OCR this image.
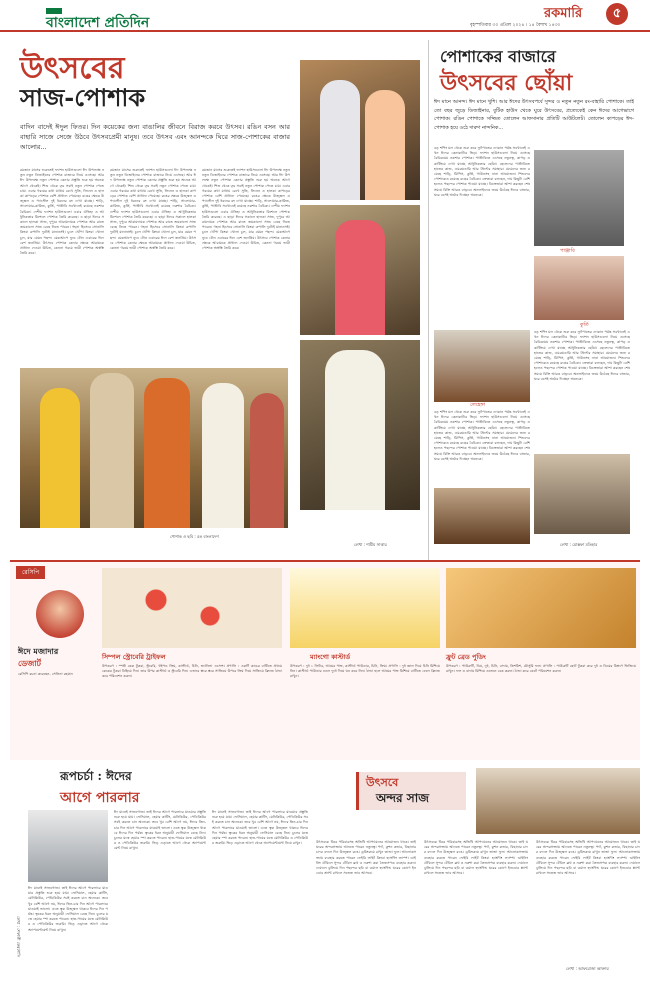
বাংলাদেশ প্রতিদিন
রকমারি	৫
বৃহস্পতিবার ৩০ এপ্রিল ২০২৪ । ১৪ বৈশাখ ১৪৩০
উৎসবের
সাজ-পোশাক
বাদিন বাদেই ঈদুল ফিতর। দিন কয়েকের জন্য বাঙালির জীবনে বিরাজ করবে উৎসব। রঙিন বসন আর বাহারি সাজে সেজে উঠবে উৎসবপ্রেমী মানুষ। তবে উৎসব এবং আনন্দকে ঘিরে সাজ-পোশাকের বাজার আলোর...
রমজান মাসের শুরুতেই ফ্যাশন হাউসগুলো ঈদ উপলক্ষে নতুন নতুন ডিজাইনের পোশাক বাজারে নিয়ে এসেছে। আর ঈদ উপলক্ষে নতুন পোশাক কেনার প্রস্তুতি শুরু হয় অনেক আগে থেকেই। শিশু থেকে বৃদ্ধ সবাই নতুন পোশাক পেতে চায়। এবার গরমের কথা মাথায় রেখে সুতি, লিনেন ও হালকা কাপড়ের পোশাক বেশি প্রাধান্য পেয়েছে। রঙের ক্ষেত্রে উজ্জ্বল ও প্যাস্টেল দুই ধরনের রং দেখা যাচ্ছে। শাড়ি, সালোয়ার-কামিজ, কুর্তি, পাঞ্জাবি সবখানেই রয়েছে নকশার বৈচিত্র্য। দেশীয় ফ্যাশন হাউসগুলো এবার ঐতিহ্য ও আধুনিকতার মিশেলে পোশাক তৈরি করেছে। এ ছাড়া ঈদের সকালে হালকা সাজ, দুপুরে আরামদায়ক পোশাক আর রাতে জমকালো সাজ বেছে নিতে পারেন। গহনা হিসেবে সোনালি কিংবা রুপালি দুটোই মানানসই। চুলে খোঁপা কিংবা খোলা চুল, যার যেমন পছন্দ। মেকআপে ন্যুড টোন এবারের ঈদে বেশ জনপ্রিয়। উৎসবে পোশাক কেনার ক্ষেত্রে আরামকে প্রাধান্য দেওয়া উচিত, কেননা গরমে ভারী পোশাক অস্বস্তি তৈরি করে।
রমজান মাসের শুরুতেই ফ্যাশন হাউসগুলো ঈদ উপলক্ষে নতুন নতুন ডিজাইনের পোশাক বাজারে নিয়ে এসেছে। আর ঈদ উপলক্ষে নতুন পোশাক কেনার প্রস্তুতি শুরু হয় অনেক আগে থেকেই। শিশু থেকে বৃদ্ধ সবাই নতুন পোশাক পেতে চায়। এবার গরমের কথা মাথায় রেখে সুতি, লিনেন ও হালকা কাপড়ের পোশাক বেশি প্রাধান্য পেয়েছে। রঙের ক্ষেত্রে উজ্জ্বল ও প্যাস্টেল দুই ধরনের রং দেখা যাচ্ছে। শাড়ি, সালোয়ার-কামিজ, কুর্তি, পাঞ্জাবি সবখানেই রয়েছে নকশার বৈচিত্র্য। দেশীয় ফ্যাশন হাউসগুলো এবার ঐতিহ্য ও আধুনিকতার মিশেলে পোশাক তৈরি করেছে। এ ছাড়া ঈদের সকালে হালকা সাজ, দুপুরে আরামদায়ক পোশাক আর রাতে জমকালো সাজ বেছে নিতে পারেন। গহনা হিসেবে সোনালি কিংবা রুপালি দুটোই মানানসই। চুলে খোঁপা কিংবা খোলা চুল, যার যেমন পছন্দ। মেকআপে ন্যুড টোন এবারের ঈদে বেশ জনপ্রিয়। উৎসবে পোশাক কেনার ক্ষেত্রে আরামকে প্রাধান্য দেওয়া উচিত, কেননা গরমে ভারী পোশাক অস্বস্তি তৈরি করে।
রমজান মাসের শুরুতেই ফ্যাশন হাউসগুলো ঈদ উপলক্ষে নতুন নতুন ডিজাইনের পোশাক বাজারে নিয়ে এসেছে। আর ঈদ উপলক্ষে নতুন পোশাক কেনার প্রস্তুতি শুরু হয় অনেক আগে থেকেই। শিশু থেকে বৃদ্ধ সবাই নতুন পোশাক পেতে চায়। এবার গরমের কথা মাথায় রেখে সুতি, লিনেন ও হালকা কাপড়ের পোশাক বেশি প্রাধান্য পেয়েছে। রঙের ক্ষেত্রে উজ্জ্বল ও প্যাস্টেল দুই ধরনের রং দেখা যাচ্ছে। শাড়ি, সালোয়ার-কামিজ, কুর্তি, পাঞ্জাবি সবখানেই রয়েছে নকশার বৈচিত্র্য। দেশীয় ফ্যাশন হাউসগুলো এবার ঐতিহ্য ও আধুনিকতার মিশেলে পোশাক তৈরি করেছে। এ ছাড়া ঈদের সকালে হালকা সাজ, দুপুরে আরামদায়ক পোশাক আর রাতে জমকালো সাজ বেছে নিতে পারেন। গহনা হিসেবে সোনালি কিংবা রুপালি দুটোই মানানসই। চুলে খোঁপা কিংবা খোলা চুল, যার যেমন পছন্দ। মেকআপে ন্যুড টোন এবারের ঈদে বেশ জনপ্রিয়। উৎসবে পোশাক কেনার ক্ষেত্রে আরামকে প্রাধান্য দেওয়া উচিত, কেননা গরমে ভারী পোশাক অস্বস্তি তৈরি করে।
পোশাক ও ছবি : রঙ বাংলাদেশ
লেখা : শামীম সাত্তার
পোশাকের বাজারে
উৎসবের ছোঁয়া
ঈদ মানে আনন্দ। ঈদ মানে খুশি। আর ঈদের উৎসবপর্বে সুন্দর ও নতুন নতুন রং-বাহারি পোশাকে। তাই তো বছর জুড়ে ডিজাইনার, বুটিক হাউস থেকে ঘুরে উৎসবের, প্রত্যেকেই কেন ঈদের আগেভাগে পোশাক। রঙিন পোশাকে সজ্জিত তোলেন আফসানার প্রতিটি আউটলেট। তোলেন কাপড়ের ঈদ-পোশাক হয়ে ওঠে দারুণ নান্দনিক...
বড় শপিং মল থেকে শুরু করে ফুটপাতের দোকান পর্যন্ত সবখানেই এখন ঈদের কেনাকাটার ভিড়। ফ্যাশন হাউসগুলো নিয়ে এসেছে বৈচিত্র্যময় নকশার পোশাক। পাঞ্জাবিতে এসেছে নতুনত্ব, কাপড় ও কাটিংয়ে দেখা যাচ্ছে আধুনিকতার ছোঁয়া। ছেলেদের পাঞ্জাবিতে হাতের কাজ, এমব্রয়ডারি আর প্রিন্টের সমাহার। মেয়েদের জন্য রয়েছে শাড়ি, থ্রিপিস, কুর্তি, গাউনসহ নানা আয়োজন। শিশুদের পোশাকেও রয়েছে রঙের বৈচিত্র্য। ক্রেতারা বলছেন, দাম কিছুটা বেশি হলেও পছন্দের পোশাক পাওয়া যাচ্ছে। বিক্রেতারা আশা করছেন শেষ সময়ে বিক্রি আরও বাড়বে। অনলাইনেও জমে উঠেছে ঈদের বাজার, ঘরে বসেই অর্ডার দিচ্ছেন অনেকে।
পাঞ্জাবি
কুর্তি
বড় শপিং মল থেকে শুরু করে ফুটপাতের দোকান পর্যন্ত সবখানেই এখন ঈদের কেনাকাটার ভিড়। ফ্যাশন হাউসগুলো নিয়ে এসেছে বৈচিত্র্যময় নকশার পোশাক। পাঞ্জাবিতে এসেছে নতুনত্ব, কাপড় ও কাটিংয়ে দেখা যাচ্ছে আধুনিকতার ছোঁয়া। ছেলেদের পাঞ্জাবিতে হাতের কাজ, এমব্রয়ডারি আর প্রিন্টের সমাহার। মেয়েদের জন্য রয়েছে শাড়ি, থ্রিপিস, কুর্তি, গাউনসহ নানা আয়োজন। শিশুদের পোশাকেও রয়েছে রঙের বৈচিত্র্য। ক্রেতারা বলছেন, দাম কিছুটা বেশি হলেও পছন্দের পোশাক পাওয়া যাচ্ছে। বিক্রেতারা আশা করছেন শেষ সময়ে বিক্রি আরও বাড়বে। অনলাইনেও জমে উঠেছে ঈদের বাজার, ঘরে বসেই অর্ডার দিচ্ছেন অনেকে।
লেহেঙ্গা
বড় শপিং মল থেকে শুরু করে ফুটপাতের দোকান পর্যন্ত সবখানেই এখন ঈদের কেনাকাটার ভিড়। ফ্যাশন হাউসগুলো নিয়ে এসেছে বৈচিত্র্যময় নকশার পোশাক। পাঞ্জাবিতে এসেছে নতুনত্ব, কাপড় ও কাটিংয়ে দেখা যাচ্ছে আধুনিকতার ছোঁয়া। ছেলেদের পাঞ্জাবিতে হাতের কাজ, এমব্রয়ডারি আর প্রিন্টের সমাহার। মেয়েদের জন্য রয়েছে শাড়ি, থ্রিপিস, কুর্তি, গাউনসহ নানা আয়োজন। শিশুদের পোশাকেও রয়েছে রঙের বৈচিত্র্য। ক্রেতারা বলছেন, দাম কিছুটা বেশি হলেও পছন্দের পোশাক পাওয়া যাচ্ছে। বিক্রেতারা আশা করছেন শেষ সময়ে বিক্রি আরও বাড়বে। অনলাইনেও জমে উঠেছে ঈদের বাজার, ঘরে বসেই অর্ডার দিচ্ছেন অনেকে।
লেখা : মোস্তফা মতিহার
রেসিপি
ঈদে মজাদার
ডেজার্ট
রেসিপি রচনা করেছেন- সেলিনা রহমান
সিম্পল স্ট্রোবেরি ট্রাইফল
উপকরণ : স্পঞ্জ কেক টুকরা, স্ট্রবেরি, হুইপড ক্রিম, কাস্টার্ড, চিনি, ভ্যানিলা এসেন্স। প্রণালি : একটি কাচের বাটিতে প্রথমে কেকের টুকরা বিছিয়ে দিন। তার উপর কাস্টার্ড ও স্ট্রবেরি দিন। এভাবে স্তরে স্তরে সাজিয়ে উপরে ক্রিম দিয়ে সাজিয়ে ফ্রিজে ঠান্ডা করে পরিবেশন করুন।
ম্যাংগো কাস্টার্ড
উপকরণ : দুধ ১ লিটার, আমের পাল্প, কাস্টার্ড পাউডার, চিনি, ক্রিম। প্রণালি : দুধ জ্বাল দিয়ে চিনি মিশিয়ে নিন। কাস্টার্ড পাউডার গুলে দুধে দিয়ে ঘন করে নিন। ঠান্ডা হলে আমের পাল্প মিশিয়ে বাটিতে ঢেলে ফ্রিজে রাখুন।
ফ্রুট ব্রেড পুডিং
উপকরণ : পাউরুটি, ডিম, দুধ, চিনি, বাদাম, কিশমিশ, মৌসুমি ফল। প্রণালি : পাউরুটি ছোট টুকরা করে দুধ ও ডিমের মিশ্রণে ভিজিয়ে রাখুন। ফল ও বাদাম মিশিয়ে ওভেনে বেক করুন। ঠান্ডা করে কেটে পরিবেশন করুন।
রূপচর্চা : ঈদের
আগে পারলার
ঈদ মানেই সাজগোজ। তাই ঈদের আগে পারলারে যাওয়ার প্রস্তুতি শুরু হয়ে যায়। ফেসিয়াল, হেয়ার কাটিং, মেনিকিউর, পেডিকিউর সবই করতে চান অনেকে। তবে খুব বেশি আগে নয়, ঈদের তিন-চার দিন আগে পারলারে যাওয়াই ভালো। এতে ত্বক উজ্জ্বল থাকবে ঈদের দিন পর্যন্ত। ত্বকের ধরন অনুযায়ী ফেসিয়াল বেছে নিন। চুলের যত্নে হেয়ার স্পা করতে পারেন। হাত-পায়ের যত্নে মেনিকিউর ও পেডিকিউর জরুরি। ভিড় এড়াতে আগে থেকে অ্যাপয়েন্টমেন্ট নিয়ে রাখুন।
ঈদ মানেই সাজগোজ। তাই ঈদের আগে পারলারে যাওয়ার প্রস্তুতি শুরু হয়ে যায়। ফেসিয়াল, হেয়ার কাটিং, মেনিকিউর, পেডিকিউর সবই করতে চান অনেকে। তবে খুব বেশি আগে নয়, ঈদের তিন-চার দিন আগে পারলারে যাওয়াই ভালো। এতে ত্বক উজ্জ্বল থাকবে ঈদের দিন পর্যন্ত। ত্বকের ধরন অনুযায়ী ফেসিয়াল বেছে নিন। চুলের যত্নে হেয়ার স্পা করতে পারেন। হাত-পায়ের যত্নে মেনিকিউর ও পেডিকিউর জরুরি। ভিড় এড়াতে আগে থেকে অ্যাপয়েন্টমেন্ট নিয়ে রাখুন।
ঈদ মানেই সাজগোজ। তাই ঈদের আগে পারলারে যাওয়ার প্রস্তুতি শুরু হয়ে যায়। ফেসিয়াল, হেয়ার কাটিং, মেনিকিউর, পেডিকিউর সবই করতে চান অনেকে। তবে খুব বেশি আগে নয়, ঈদের তিন-চার দিন আগে পারলারে যাওয়াই ভালো। এতে ত্বক উজ্জ্বল থাকবে ঈদের দিন পর্যন্ত। ত্বকের ধরন অনুযায়ী ফেসিয়াল বেছে নিন। চুলের যত্নে হেয়ার স্পা করতে পারেন। হাত-পায়ের যত্নে মেনিকিউর ও পেডিকিউর জরুরি। ভিড় এড়াতে আগে থেকে অ্যাপয়েন্টমেন্ট নিয়ে রাখুন।
লেখা : শেফালী ফেরদৌসি
উৎসবে
অন্দর সাজ
উৎসবকে ঘিরে পরিবারসহ অতিথি আপ্যায়নের আয়োজন থাকে। তাই ঘরের অন্দরসজ্জায় আনতে পারেন নতুনত্ব। পর্দা, কুশন কভার, বিছানার চাদর বদলে দিন উজ্জ্বল রঙে। ড্রয়িংরুমে রাখুন তাজা ফুল। আলোকসজ্জায় ব্যবহার করতে পারেন ফেইরি লাইট কিংবা হ্যাংগিং ল্যাম্প। ডাইনিং টেবিলে সুন্দর টেবিল ক্লথ ও নকশা করা তৈজসপত্র ব্যবহার করুন। দেয়ালে ঝুলিয়ে দিন পছন্দের ছবি বা ওয়াল হ্যাংগিং। ঘরের কোণে ইনডোর প্ল্যান্ট রাখলে সতেজ ভাব আসবে।
উৎসবকে ঘিরে পরিবারসহ অতিথি আপ্যায়নের আয়োজন থাকে। তাই ঘরের অন্দরসজ্জায় আনতে পারেন নতুনত্ব। পর্দা, কুশন কভার, বিছানার চাদর বদলে দিন উজ্জ্বল রঙে। ড্রয়িংরুমে রাখুন তাজা ফুল। আলোকসজ্জায় ব্যবহার করতে পারেন ফেইরি লাইট কিংবা হ্যাংগিং ল্যাম্প। ডাইনিং টেবিলে সুন্দর টেবিল ক্লথ ও নকশা করা তৈজসপত্র ব্যবহার করুন। দেয়ালে ঝুলিয়ে দিন পছন্দের ছবি বা ওয়াল হ্যাংগিং। ঘরের কোণে ইনডোর প্ল্যান্ট রাখলে সতেজ ভাব আসবে।
উৎসবকে ঘিরে পরিবারসহ অতিথি আপ্যায়নের আয়োজন থাকে। তাই ঘরের অন্দরসজ্জায় আনতে পারেন নতুনত্ব। পর্দা, কুশন কভার, বিছানার চাদর বদলে দিন উজ্জ্বল রঙে। ড্রয়িংরুমে রাখুন তাজা ফুল। আলোকসজ্জায় ব্যবহার করতে পারেন ফেইরি লাইট কিংবা হ্যাংগিং ল্যাম্প। ডাইনিং টেবিলে সুন্দর টেবিল ক্লথ ও নকশা করা তৈজসপত্র ব্যবহার করুন। দেয়ালে ঝুলিয়ে দিন পছন্দের ছবি বা ওয়াল হ্যাংগিং। ঘরের কোণে ইনডোর প্ল্যান্ট রাখলে সতেজ ভাব আসবে।
লেখা : আফরোজা আক্তার
